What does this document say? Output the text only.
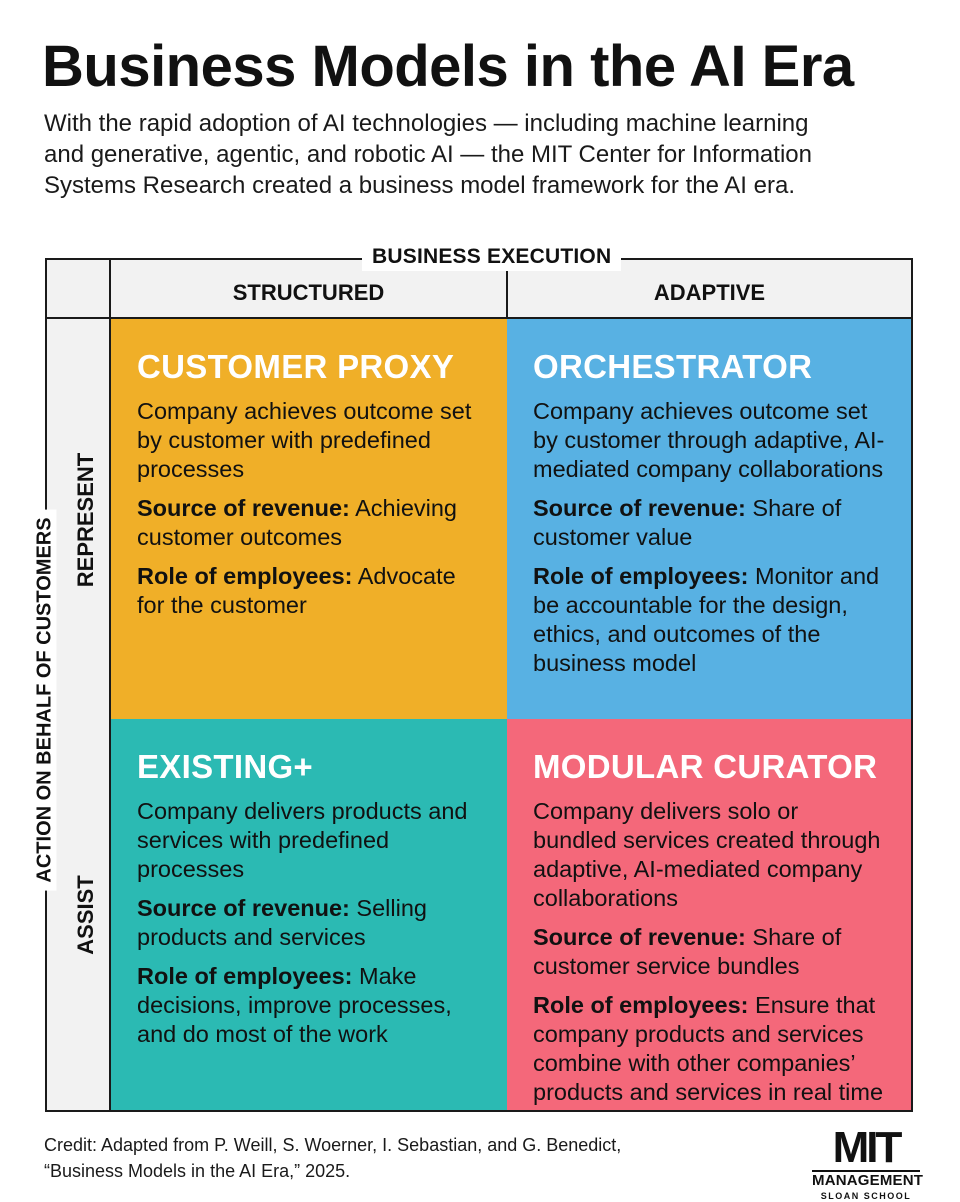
Business Models in the AI Era
With the rapid adoption of AI technologies — including machine learning
and generative, agentic, and robotic AI — the MIT Center for Information
Systems Research created a business model framework for the AI era.
BUSINESS EXECUTION
STRUCTURED	ADAPTIVE
REPRESENT
ASSIST
ACTION ON BEHALF OF CUSTOMERS
CUSTOMER PROXY

Company achieves outcome set by customer with predefined processes

Source of revenue: Achieving customer outcomes

Role of employees: Advocate for the customer

ORCHESTRATOR

Company achieves outcome set by customer through adaptive, AI-mediated company collaborations

Source of revenue: Share of customer value

Role of employees: Monitor and be accountable for the design, ethics, and outcomes of the business model

EXISTING+

Company delivers products and services with predefined processes

Source of revenue: Selling products and services

Role of employees: Make decisions, improve processes, and do most of the work

MODULAR CURATOR

Company delivers solo or bundled services created through adaptive, AI-mediated company collaborations

Source of revenue: Share of customer service bundles

Role of employees: Ensure that company products and services combine with other companies’ products and services in real time

Credit: Adapted from P. Weill, S. Woerner, I. Sebastian, and G. Benedict,
“Business Models in the AI Era,” 2025.	MIT
MANAGEMENT
SLOAN SCHOOL
